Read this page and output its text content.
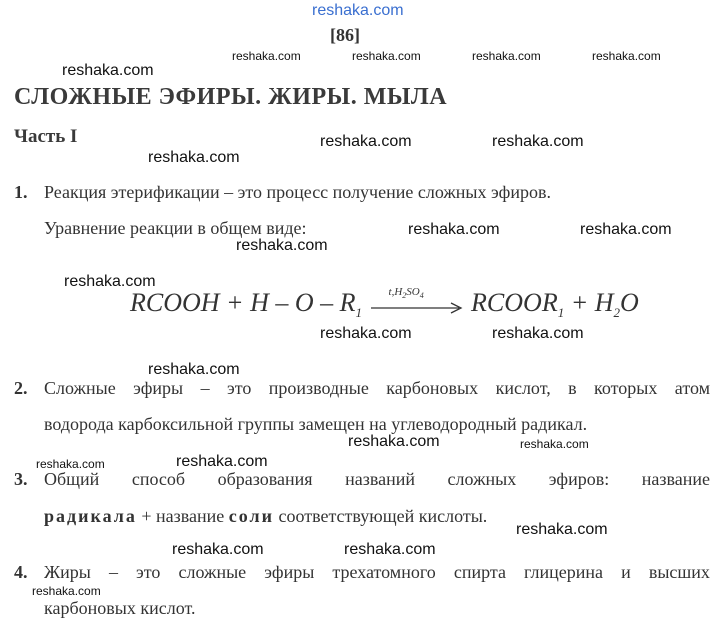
reshaka.com
[86]
reshaka.com	reshaka.com	reshaka.com	reshaka.com
reshaka.com
СЛОЖНЫЕ ЭФИРЫ. ЖИРЫ. МЫЛА
Часть I	reshaka.com	reshaka.com
reshaka.com
1. Реакция этерификации – это процесс получение сложных эфиров.
Уравнение реакции в общем виде:	reshaka.com	reshaka.com
reshaka.com
reshaka.com
RCOOH + H – O – $R_1$
$t,H_2SO_4$ $RCOOR_1 + H_2O$
reshaka.com	reshaka.com
reshaka.com
2. Сложные эфиры – это производные карбоновых кислот, в которых атом
водорода карбоксильной группы замещен на углеводородный радикал.
reshaka.com	reshaka.com
reshaka.com
reshaka.com
3. Общий способ образования названий сложных эфиров: название
радикала + название соли соответствующей кислоты.
reshaka.com
reshaka.com	reshaka.com
4. Жиры – это сложные эфиры трехатомного спирта глицерина и высших
reshaka.com
карбоновых кислот.
